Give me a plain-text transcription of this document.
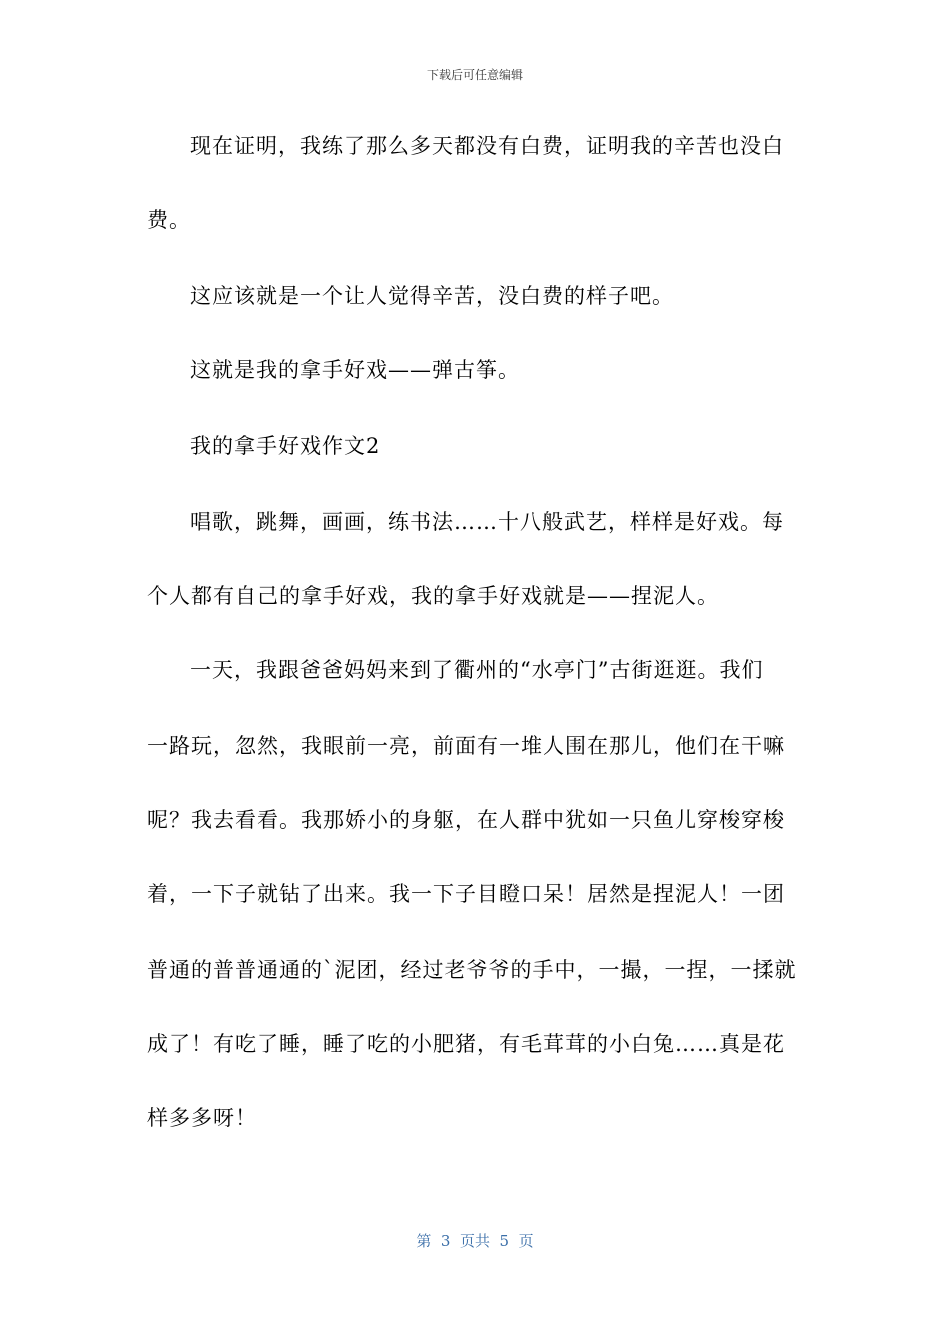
下载后可任意编辑
现在证明，我练了那么多天都没有白费，证明我的辛苦也没白
费。
这应该就是一个让人觉得辛苦，没白费的样子吧。
这就是我的拿手好戏——弹古筝。
我的拿手好戏作文2
唱歌，跳舞，画画，练书法……十八般武艺，样样是好戏。每
个人都有自己的拿手好戏，我的拿手好戏就是——捏泥人。
一天，我跟爸爸妈妈来到了衢州的“水亭门”古街逛逛。我们
一路玩，忽然，我眼前一亮，前面有一堆人围在那儿，他们在干嘛
呢？我去看看。我那娇小的身躯，在人群中犹如一只鱼儿穿梭穿梭
着，一下子就钻了出来。我一下子目瞪口呆！居然是捏泥人！一团
普通的普普通通的`泥团，经过老爷爷的手中，一撮，一捏，一揉就
成了！有吃了睡，睡了吃的小肥猪，有毛茸茸的小白兔……真是花
样多多呀！
第  3  页共  5  页
